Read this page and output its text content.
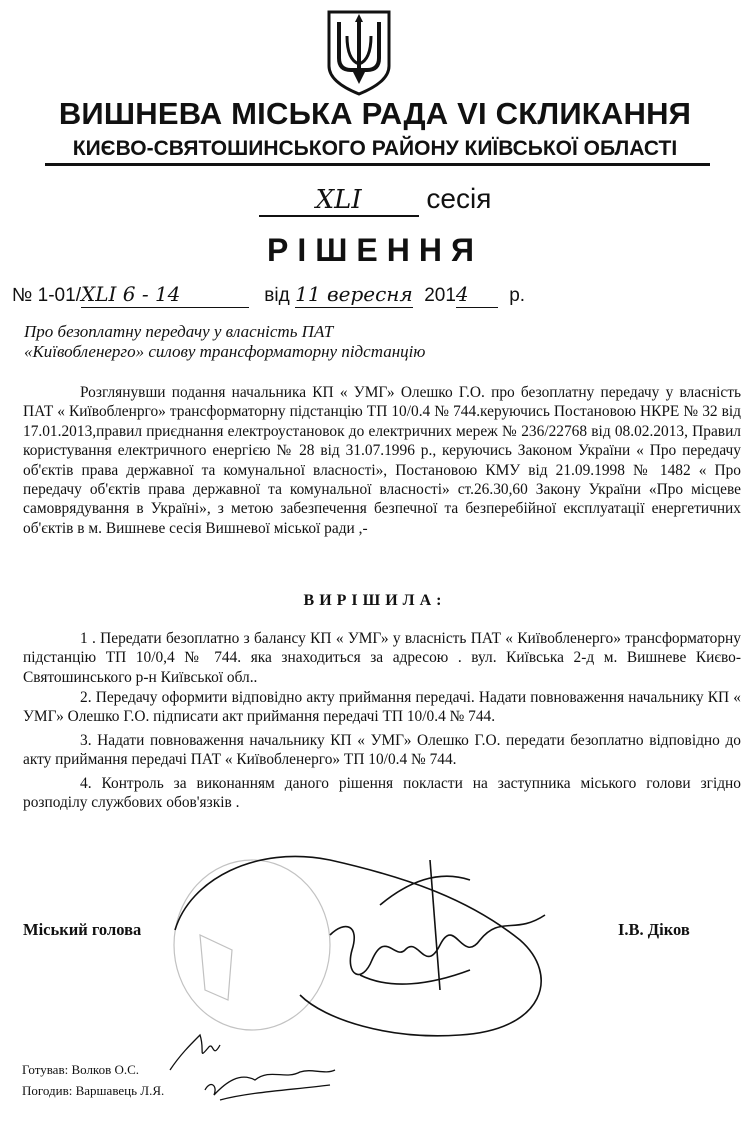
ВИШНЕВА МІСЬКА РАДА VI СКЛИКАННЯ
КИЄВО-СВЯТОШИНСЬКОГО РАЙОНУ КИЇВСЬКОЇ ОБЛАСТІ
XLI сесія
РІШЕННЯ
№ 1-01/XLI 6 - 14	від 11 вересня 2014 р.
Про безоплатну передачу у власність ПАТ
«Київобленерго» силову трансформаторну підстанцію
Розглянувши подання начальника КП « УМГ» Олешко Г.О. про безоплатну передачу у власність ПАТ « Київобленрго» трансформаторну підстанцію ТП 10/0.4 № 744.керуючись Постановою НКРЕ № 32 від 17.01.2013,правил приєднання електроустановок до електричних мереж № 236/22768 від 08.02.2013, Правил користування електричного енергією № 28 від 31.07.1996 р., керуючись Законом України « Про передачу об'єктів права державної та комунальної власності», Постановою КМУ від 21.09.1998 № 1482 « Про передачу об'єктів права державної та комунальної власності» ст.26.30,60 Закону України «Про місцеве самоврядування в Україні», з метою забезпечення безпечної та безперебійної експлуатації енергетичних об'єктів в м. Вишневе сесія Вишневої міської ради ,-
ВИРІШИЛА:
1 . Передати безоплатно з балансу КП « УМГ» у власність ПАТ « Київобленерго» трансформаторну підстанцію ТП 10/0,4 № 744. яка знаходиться за адресою . вул. Київська 2-д м. Вишневе Києво-Святошинського р-н Київської обл..
2. Передачу оформити відповідно акту приймання передачі. Надати повноваження начальнику КП « УМГ» Олешко Г.О. підписати акт приймання передачі ТП 10/0.4 № 744.
3. Надати повноваження начальнику КП « УМГ» Олешко Г.О. передати безоплатно відповідно до акту приймання передачі ПАТ « Київобленерго» ТП 10/0.4 № 744.
4. Контроль за виконанням даного рішення покласти на заступника міського голови згідно розподілу службових обов'язків .
Міський голова	І.В. Діков
Готував: Волков О.С.
Погодив: Варшавець Л.Я.
